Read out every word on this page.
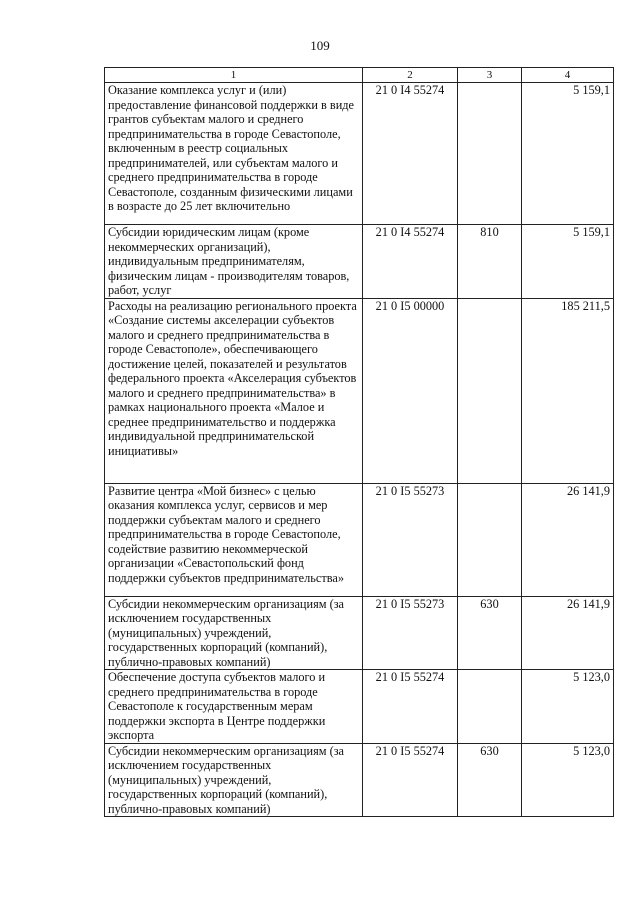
109
1	2	3	4
Оказание комплекса услуг и (или) предоставление финансовой поддержки в виде грантов субъектам малого и среднего предпринимательства в городе Севастополе, включенным в реестр социальных предпринимателей, или субъектам малого и среднего предпринимательства в городе Севастополе, созданным физическими лицами в возрасте до 25 лет включительно	21 0 I4 55274		5 159,1
Субсидии юридическим лицам (кроме некоммерческих организаций), индивидуальным предпринимателям, физическим лицам - производителям товаров, работ, услуг	21 0 I4 55274	810	5 159,1
Расходы на реализацию регионального проекта «Создание системы акселерации субъектов малого и среднего предпринимательства в городе Севастополе», обеспечивающего достижение целей, показателей и результатов федерального проекта «Акселерация субъектов малого и среднего предпринимательства» в рамках национального проекта «Малое и среднее предпринимательство и поддержка индивидуальной предпринимательской инициативы»	21 0 I5 00000		185 211,5
Развитие центра «Мой бизнес» с целью оказания комплекса услуг, сервисов и мер поддержки субъектам малого и среднего предпринимательства в городе Севастополе, содействие развитию некоммерческой организации «Севастопольский фонд поддержки субъектов предпринимательства»	21 0 I5 55273		26 141,9
Субсидии некоммерческим организациям (за исключением государственных (муниципальных) учреждений, государственных корпораций (компаний), публично-правовых компаний)	21 0 I5 55273	630	26 141,9
Обеспечение доступа субъектов малого и среднего предпринимательства в городе Севастополе к государственным мерам поддержки экспорта в Центре поддержки экспорта	21 0 I5 55274		5 123,0
Субсидии некоммерческим организациям (за исключением государственных (муниципальных) учреждений, государственных корпораций (компаний), публично-правовых компаний)	21 0 I5 55274	630	5 123,0
